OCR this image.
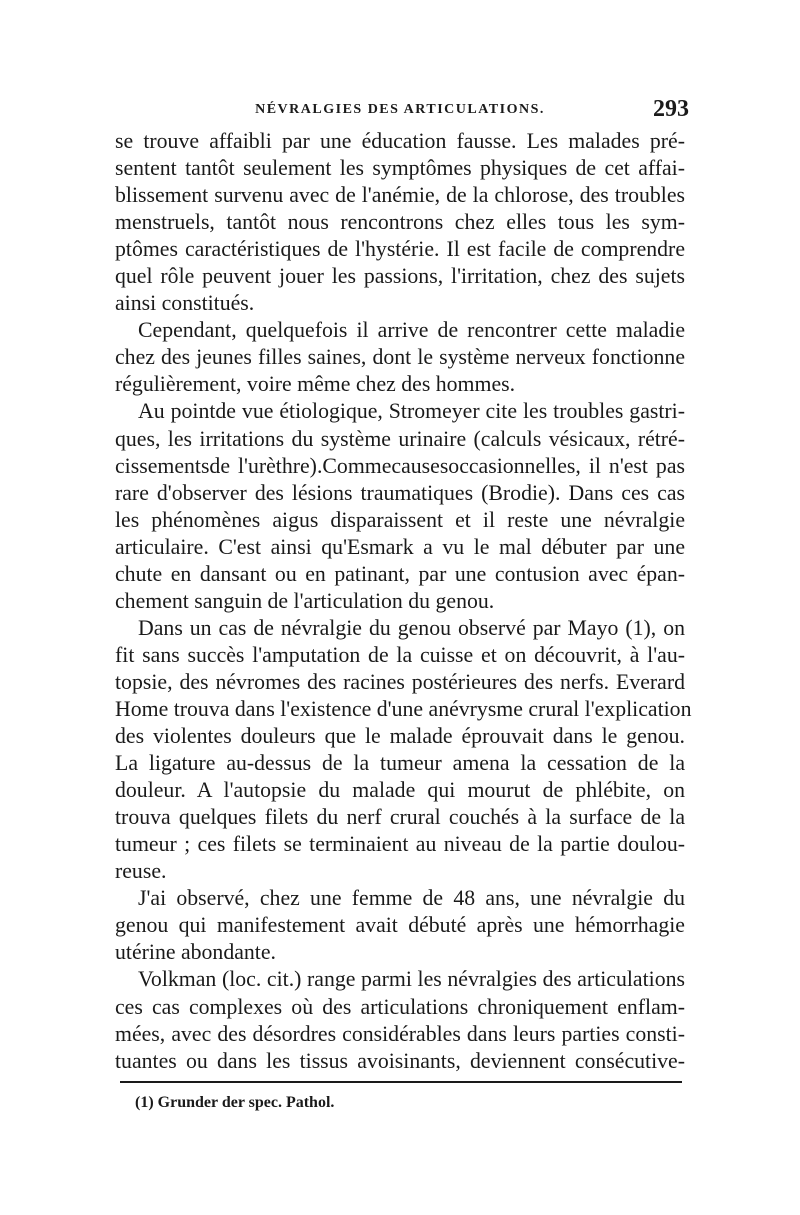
NÉVRALGIES DES ARTICULATIONS.	293

se trouve affaibli par une éducation fausse. Les malades pré-
sentent tantôt seulement les symptômes physiques de cet affai-
blissement survenu avec de l'anémie, de la chlorose, des troubles
menstruels, tantôt nous rencontrons chez elles tous les sym-
ptômes caractéristiques de l'hystérie. Il est facile de comprendre
quel rôle peuvent jouer les passions, l'irritation, chez des sujets
ainsi constitués.

Cependant, quelquefois il arrive de rencontrer cette maladie
chez des jeunes filles saines, dont le système nerveux fonctionne
régulièrement, voire même chez des hommes.

Au pointde vue étiologique, Stromeyer cite les troubles gastri-
ques, les irritations du système urinaire (calculs vésicaux, rétré-
cissementsde l'urèthre).Commecausesoccasionnelles, il n'est pas
rare d'observer des lésions traumatiques (Brodie). Dans ces cas
les phénomènes aigus disparaissent et il reste une névralgie
articulaire. C'est ainsi qu'Esmark a vu le mal débuter par une
chute en dansant ou en patinant, par une contusion avec épan-
chement sanguin de l'articulation du genou.

Dans un cas de névralgie du genou observé par Mayo (1), on
fit sans succès l'amputation de la cuisse et on découvrit, à l'au-
topsie, des névromes des racines postérieures des nerfs. Everard
Home trouva dans l'existence d'une anévrysme crural l'explication
des violentes douleurs que le malade éprouvait dans le genou.
La ligature au-dessus de la tumeur amena la cessation de la
douleur. A l'autopsie du malade qui mourut de phlébite, on
trouva quelques filets du nerf crural couchés à la surface de la
tumeur ; ces filets se terminaient au niveau de la partie doulou-
reuse.

J'ai observé, chez une femme de 48 ans, une névralgie du
genou qui manifestement avait débuté après une hémorrhagie
utérine abondante.

Volkman (loc. cit.) range parmi les névralgies des articulations
ces cas complexes où des articulations chroniquement enflam-
mées, avec des désordres considérables dans leurs parties consti-
tuantes ou dans les tissus avoisinants, deviennent consécutive-

(1) Grunder der spec. Pathol.
